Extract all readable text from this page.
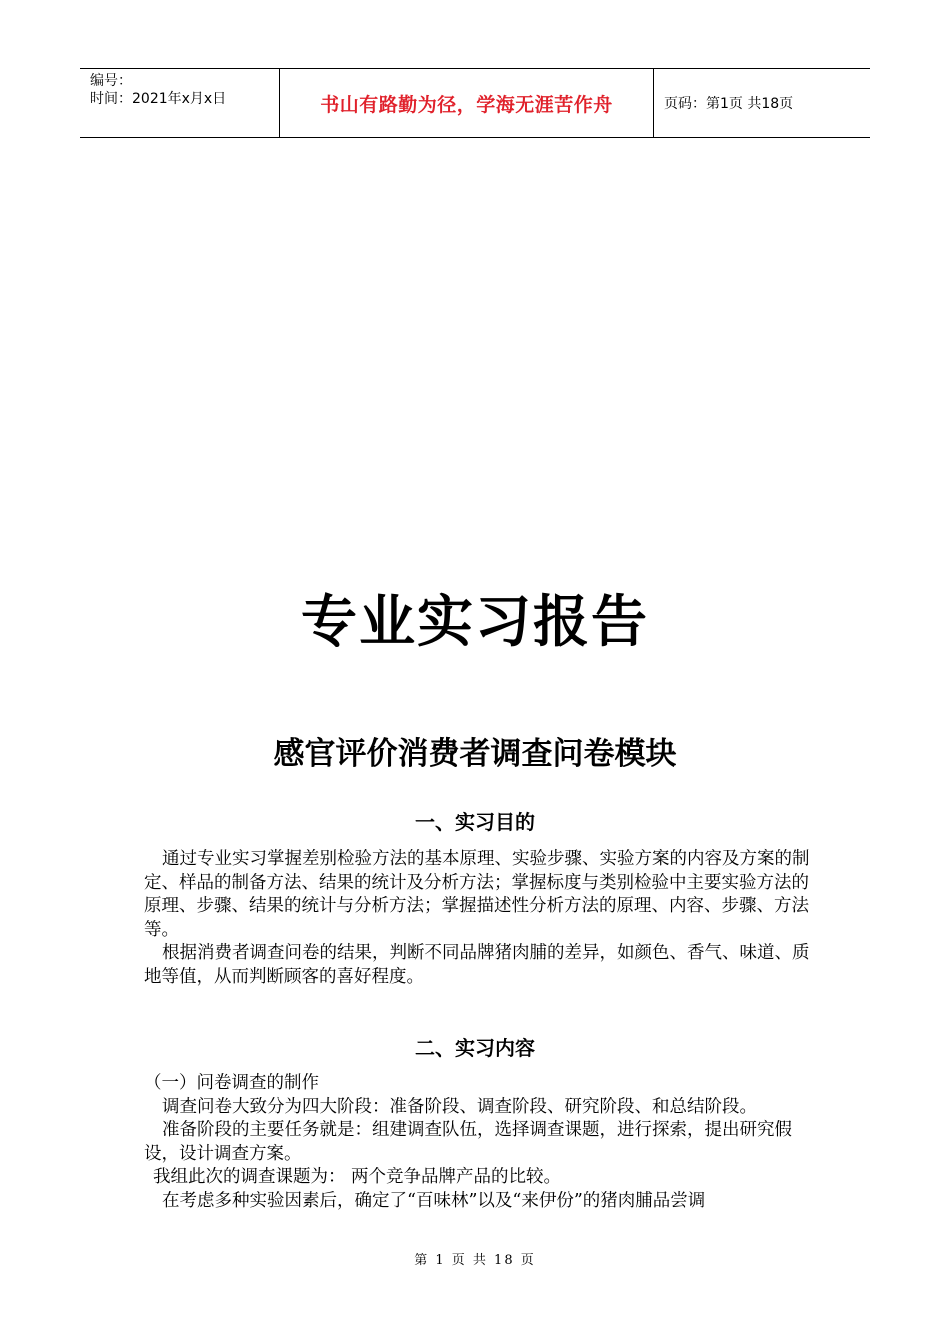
编号：
时间：2021年x月x日	书山有路勤为径，学海无涯苦作舟	页码：第1页 共18页
专业实习报告
感官评价消费者调查问卷模块
一、实习目的

通过专业实习掌握差别检验方法的基本原理、实验步骤、实验方案的内容及方案的制定、样品的制备方法、结果的统计及分析方法；掌握标度与类别检验中主要实验方法的原理、步骤、结果的统计与分析方法；掌握描述性分析方法的原理、内容、步骤、方法等。

根据消费者调查问卷的结果，判断不同品牌猪肉脯的差异，如颜色、香气、味道、质地等值，从而判断顾客的喜好程度。

二、实习内容

（一）问卷调查的制作

调查问卷大致分为四大阶段：准备阶段、调查阶段、研究阶段、和总结阶段。

准备阶段的主要任务就是：组建调查队伍，选择调查课题，进行探索，提出研究假设，设计调查方案。

我组此次的调查课题为： 两个竞争品牌产品的比较。

在考虑多种实验因素后，确定了“百味林”以及“来伊份”的猪肉脯品尝调

第 1 页 共 18 页
